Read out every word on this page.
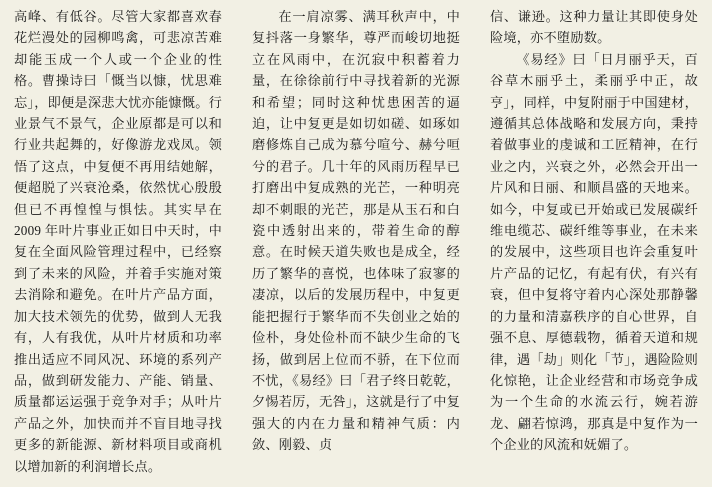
高峰、有低谷。尽管大家都喜欢春花烂漫处的园柳鸣禽，可悲凉苦难却能玉成一个人或一个企业的性格。曹操诗曰「慨当以慷，忧思难忘」，即便是深悲大忧亦能慷慨。行业景气不景气，企业原都是可以和行业共起舞的，好像游龙戏凤。领悟了这点，中复便不再用结她解，便超脱了兴衰沧桑，依然忧心殷殷但已不再惶惶与惧怯。其实早在 2009 年叶片事业正如日中天时，中复在全面风险管理过程中，已经察到了未来的风险，并着手实施对策去消除和避免。在叶片产品方面，加大技术领先的优势，做到人无我有，人有我优，从叶片材质和功率推出适应不同风况、环境的系列产品，做到研发能力、产能、销量、质量都运运强于竞争对手；从叶片产品之外，加快而并不盲目地寻找更多的新能源、新材料项目或商机以增加新的利润增长点。

在一肩凉雾、满耳秋声中，中复抖落一身繁华，尊严而峻切地挺立在风雨中，在沉寂中积蓄着力量，在徐徐前行中寻找着新的光源和希望；同时这种忧患困苦的逼迫，让中复更是如切如磋、如琢如磨修炼自己成为慕兮喧兮、赫兮咺兮的君子。几十年的风雨历程早已打磨出中复成熟的光芒，一种明亮却不刺眼的光芒，那是从玉石和白瓷中透射出来的，带着生命的醇意。在时候天道失败也是成全，经历了繁华的喜悦，也体味了寂寥的凄凉，以后的发展历程中，中复更能把握行于繁华而不失创业之始的俭朴，身处俭朴而不缺少生命的飞扬，做到居上位而不骄，在下位而不忧，《易经》曰「君子终日乾乾，夕惕若厉，无咎」，这就是行了中复强大的内在力量和精神气质：内敛、刚毅、贞

信、谦逊。这种力量让其即使身处险境，亦不堕励数。

《易经》曰「日月丽乎天，百谷草木丽乎土，柔丽乎中正，故亨」，同样，中复附丽于中国建材，遵循其总体战略和发展方向，秉持着做事业的虔诚和工匠精神，在行业之内，兴衰之外，必然会开出一片风和日丽、和顺昌盛的天地来。如今，中复或已开始或已发展碳纤维电缆芯、碳纤维等事业，在未来的发展中，这些项目也许会重复叶片产品的记忆，有起有伏，有兴有衰，但中复将守着内心深处那静馨的力量和清嘉秩序的自心世界，自强不息、厚德载物，循着天道和规律，遇「劫」则化「节」，遇险险则化惊艳，让企业经营和市场竞争成为一个生命的水流云行，婉若游龙、翩若惊鸿，那真是中复作为一个企业的风流和妩媚了。
